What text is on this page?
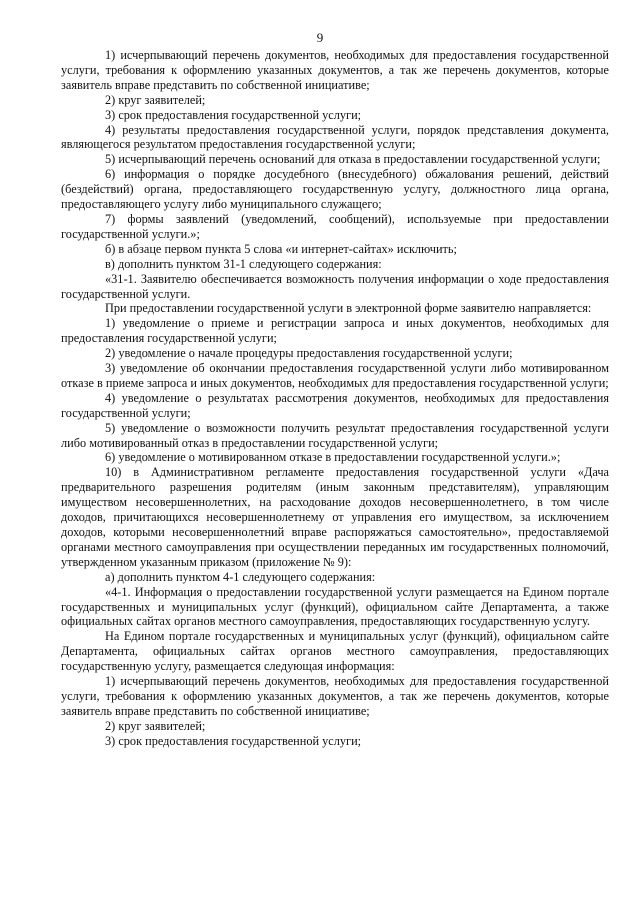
9

1) исчерпывающий перечень документов, необходимых для предоставления государственной услуги, требования к оформлению указанных документов, а так же перечень документов, которые заявитель вправе представить по собственной инициативе;

2) круг заявителей;

3) срок предоставления государственной услуги;

4) результаты предоставления государственной услуги, порядок представления документа, являющегося результатом предоставления государственной услуги;

5) исчерпывающий перечень оснований для отказа в предоставлении государственной услуги;

6) информация о порядке досудебного (внесудебного) обжалования решений, действий (бездействий) органа, предоставляющего государственную услугу, должностного лица органа, предоставляющего услугу либо муниципального служащего;

7) формы заявлений (уведомлений, сообщений), используемые при предоставлении государственной услуги.»;

б) в абзаце первом пункта 5 слова «и интернет-сайтах» исключить;

в) дополнить пунктом 31-1 следующего содержания:

«31-1. Заявителю обеспечивается возможность получения информации о ходе предоставления государственной услуги.

При предоставлении государственной услуги в электронной форме заявителю направляется:

1) уведомление о приеме и регистрации запроса и иных документов, необходимых для предоставления государственной услуги;

2) уведомление о начале процедуры предоставления государственной услуги;

3) уведомление об окончании предоставления государственной услуги либо мотивированном отказе в приеме запроса и иных документов, необходимых для предоставления государственной услуги;

4) уведомление о результатах рассмотрения документов, необходимых для предоставления государственной услуги;

5) уведомление о возможности получить результат предоставления государственной услуги либо мотивированный отказ в предоставлении государственной услуги;

6) уведомление о мотивированном отказе в предоставлении государственной услуги.»;

10) в Административном регламенте предоставления государственной услуги «Дача предварительного разрешения родителям (иным законным представителям), управляющим имуществом несовершеннолетних, на расходование доходов несовершеннолетнего, в том числе доходов, причитающихся несовершеннолетнему от управления его имуществом, за исключением доходов, которыми несовершеннолетний вправе распоряжаться самостоятельно», предоставляемой органами местного самоуправления при осуществлении переданных им государственных полномочий, утвержденном указанным приказом (приложение № 9):

а) дополнить пунктом 4-1 следующего содержания:

«4-1. Информация о предоставлении государственной услуги размещается на Едином портале государственных и муниципальных услуг (функций), официальном сайте Департамента, а также официальных сайтах органов местного самоуправления, предоставляющих государственную услугу.

На Едином портале государственных и муниципальных услуг (функций), официальном сайте Департамента, официальных сайтах органов местного самоуправления, предоставляющих государственную услугу, размещается следующая информация:

1) исчерпывающий перечень документов, необходимых для предоставления государственной услуги, требования к оформлению указанных документов, а так же перечень документов, которые заявитель вправе представить по собственной инициативе;

2) круг заявителей;

3) срок предоставления государственной услуги;
